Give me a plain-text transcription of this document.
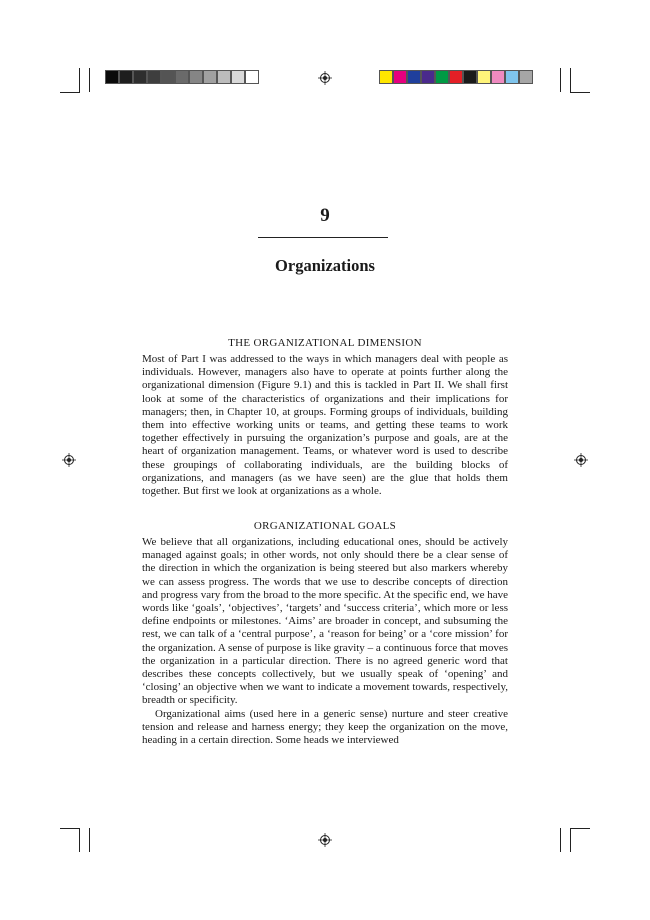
9
Organizations

THE ORGANIZATIONAL DIMENSION

Most of Part I was addressed to the ways in which managers deal with people as individuals. However, managers also have to operate at points further along the organizational dimension (Figure 9.1) and this is tackled in Part II. We shall first look at some of the characteristics of organizations and their implications for managers; then, in Chapter 10, at groups. Forming groups of individuals, building them into effective working units or teams, and getting these teams to work together effectively in pursuing the organization’s purpose and goals, are at the heart of organization management. Teams, or whatever word is used to describe these groupings of collaborating individuals, are the building blocks of organizations, and managers (as we have seen) are the glue that holds them together. But first we look at organizations as a whole.

ORGANIZATIONAL GOALS

We believe that all organizations, including educational ones, should be actively managed against goals; in other words, not only should there be a clear sense of the direction in which the organization is being steered but also markers whereby we can assess progress. The words that we use to describe concepts of direction and progress vary from the broad to the more specific. At the specific end, we have words like ‘goals’, ‘objectives’, ‘targets’ and ‘success criteria’, which more or less define endpoints or milestones. ‘Aims’ are broader in concept, and subsuming the rest, we can talk of a ‘central purpose’, a ‘reason for being’ or a ‘core mission’ for the organization. A sense of purpose is like gravity – a continuous force that moves the organization in a particular direction. There is no agreed generic word that describes these concepts collectively, but we usually speak of ‘opening’ and ‘closing’ an objective when we want to indicate a movement towards, respectively, breadth or specificity.

Organizational aims (used here in a generic sense) nurture and steer creative tension and release and harness energy; they keep the organization on the move, heading in a certain direction. Some heads we interviewed
